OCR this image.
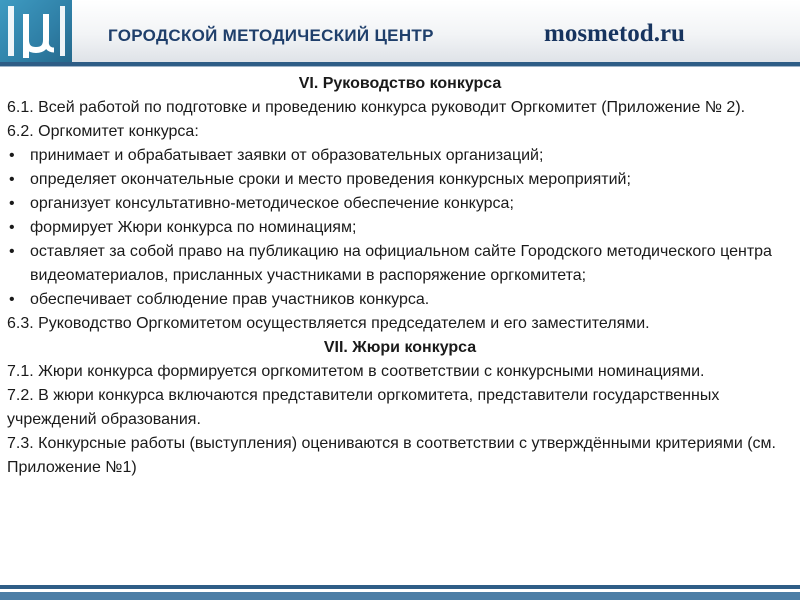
ГОРОДСКОЙ МЕТОДИЧЕСКИЙ ЦЕНТР	mosmetod.ru

VI. Руководство конкурса

6.1. Всей работой по подготовке и проведению конкурса руководит Оргкомитет (Приложение № 2).

6.2. Оргкомитет конкурса:

• принимает и обрабатывает заявки от образовательных организаций;
• определяет окончательные сроки и место проведения конкурсных мероприятий;
• организует консультативно-методическое обеспечение конкурса;
• формирует Жюри конкурса по номинациям;
• оставляет за собой право на публикацию на официальном сайте Городского методического центра видеоматериалов, присланных участниками в распоряжение оргкомитета;
• обеспечивает соблюдение прав участников конкурса.

6.3. Руководство Оргкомитетом осуществляется председателем и его заместителями.

VII. Жюри конкурса

7.1. Жюри конкурса формируется оргкомитетом в соответствии с конкурсными номинациями.

7.2. В жюри конкурса включаются представители оргкомитета, представители государственных учреждений образования.

7.3. Конкурсные работы (выступления) оцениваются в соответствии с утверждёнными критериями (см. Приложение №1)
